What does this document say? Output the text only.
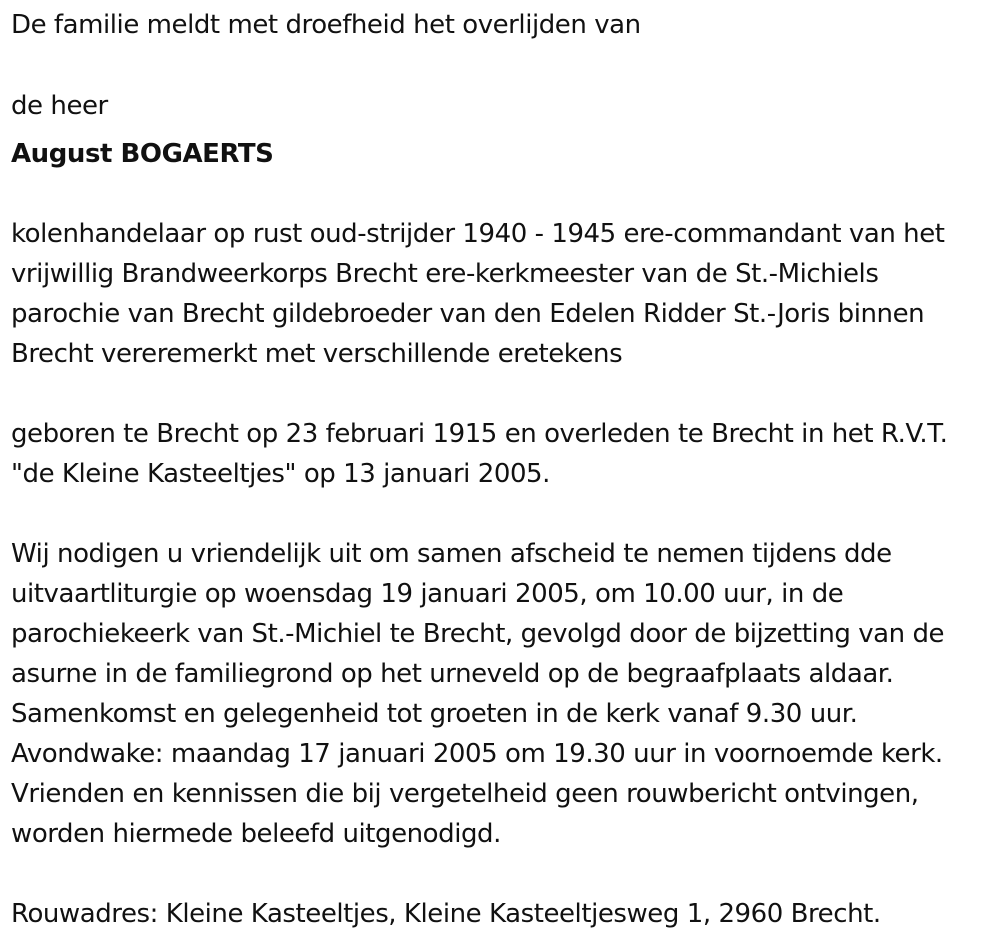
De familie meldt met droefheid het overlijden van
de heer
August BOGAERTS

kolenhandelaar op rust oud-strijder 1940 - 1945 ere-commandant van het vrijwillig Brandweerkorps Brecht ere-kerkmeester van de St.-Michiels parochie van Brecht gildebroeder van den Edelen Ridder St.-Joris binnen Brecht vereremerkt met verschillende eretekens

geboren te Brecht op 23 februari 1915 en overleden te Brecht in het R.V.T. "de Kleine Kasteeltjes" op 13 januari 2005.

Wij nodigen u vriendelijk uit om samen afscheid te nemen tijdens dde uitvaartliturgie op woensdag 19 januari 2005, om 10.00 uur, in de parochiekeerk van St.-Michiel te Brecht, gevolgd door de bijzetting van de asurne in de familiegrond op het urneveld op de begraafplaats aldaar. Samenkomst en gelegenheid tot groeten in de kerk vanaf 9.30 uur. Avondwake: maandag 17 januari 2005 om 19.30 uur in voornoemde kerk. Vrienden en kennissen die bij vergetelheid geen rouwbericht ontvingen, worden hiermede beleefd uitgenodigd.

Rouwadres: Kleine Kasteeltjes, Kleine Kasteeltjesweg 1, 2960 Brecht.
